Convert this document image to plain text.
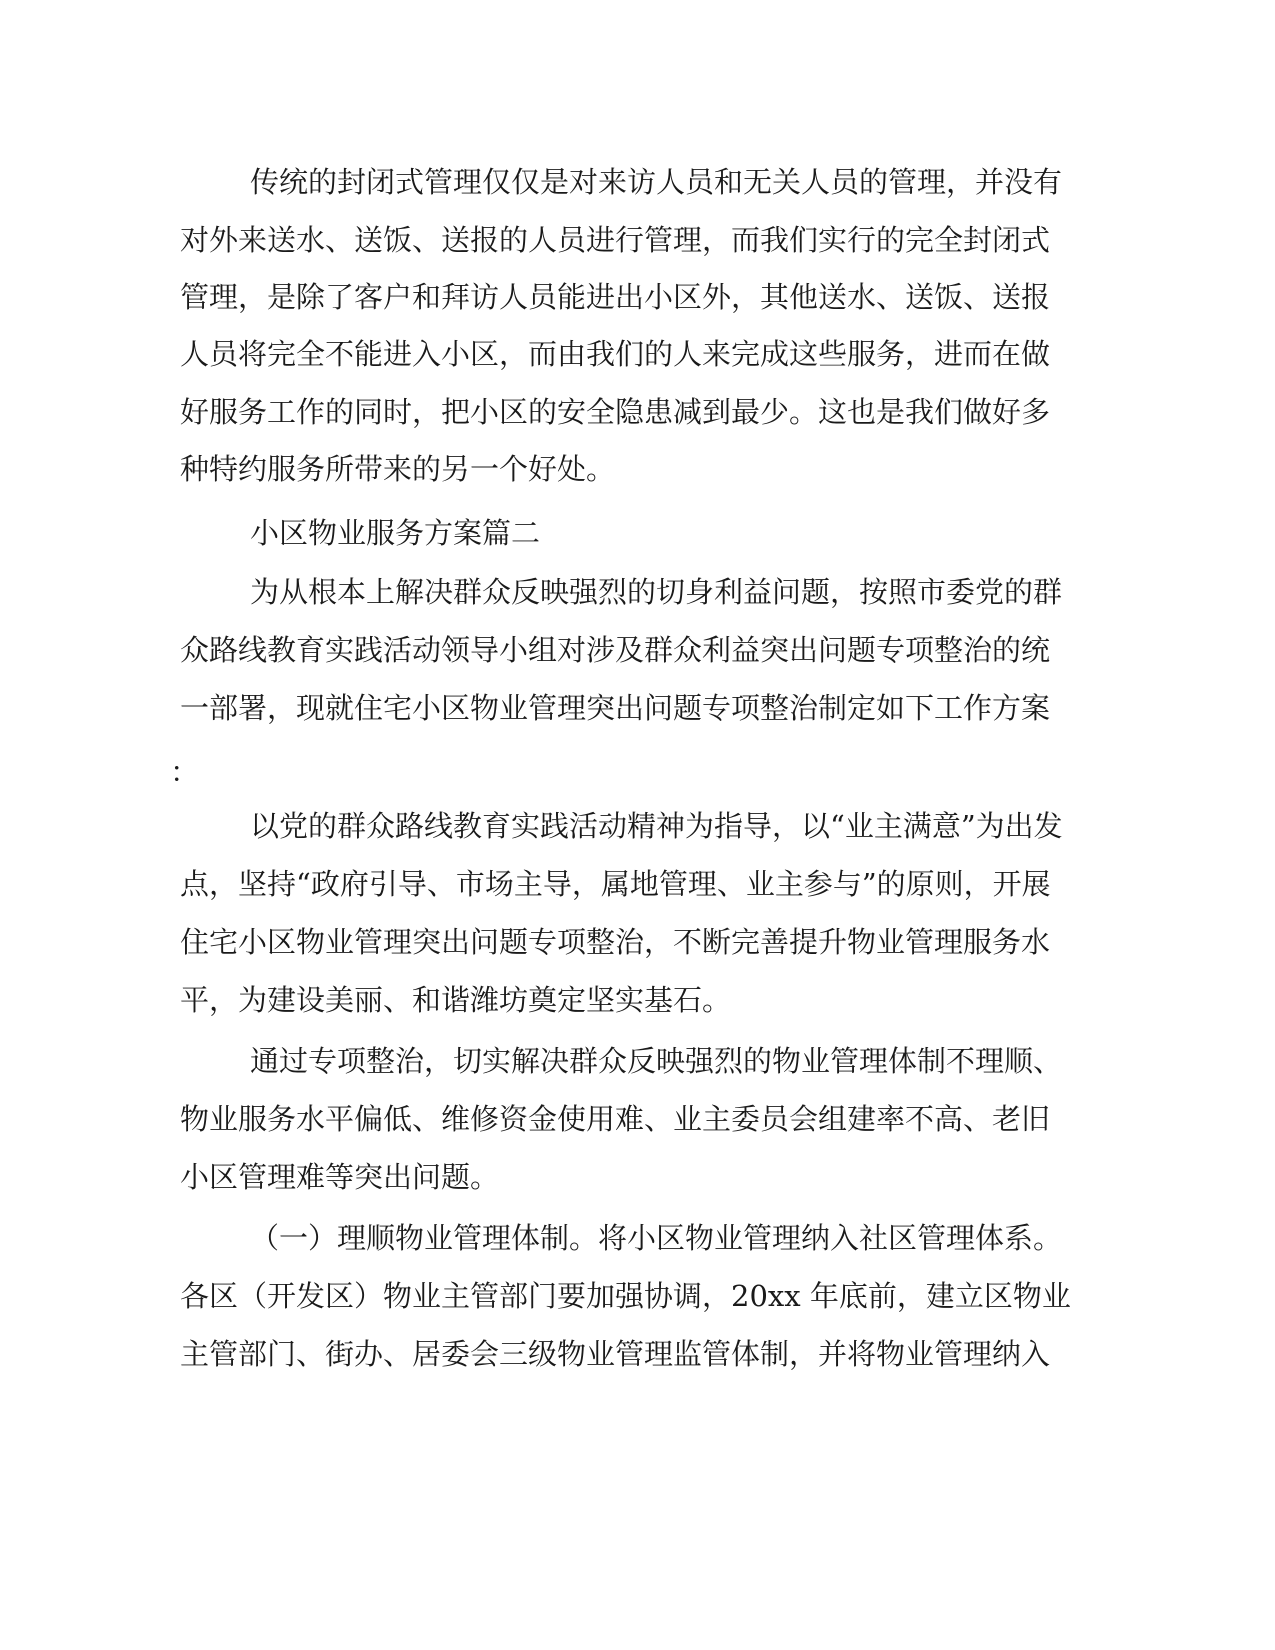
传统的封闭式管理仅仅是对来访人员和无关人员的管理，并没有
对外来送水、送饭、送报的人员进行管理，而我们实行的完全封闭式
管理，是除了客户和拜访人员能进出小区外，其他送水、送饭、送报
人员将完全不能进入小区，而由我们的人来完成这些服务，进而在做
好服务工作的同时，把小区的安全隐患减到最少。这也是我们做好多
种特约服务所带来的另一个好处。
小区物业服务方案篇二
为从根本上解决群众反映强烈的切身利益问题，按照市委党的群
众路线教育实践活动领导小组对涉及群众利益突出问题专项整治的统
一部署，现就住宅小区物业管理突出问题专项整治制定如下工作方案
：
以党的群众路线教育实践活动精神为指导，以“业主满意”为出发
点，坚持“政府引导、市场主导，属地管理、业主参与”的原则，开展
住宅小区物业管理突出问题专项整治，不断完善提升物业管理服务水
平，为建设美丽、和谐潍坊奠定坚实基石。
通过专项整治，切实解决群众反映强烈的物业管理体制不理顺、
物业服务水平偏低、维修资金使用难、业主委员会组建率不高、老旧
小区管理难等突出问题。
（一）理顺物业管理体制。将小区物业管理纳入社区管理体系。
各区（开发区）物业主管部门要加强协调，20xx 年底前，建立区物业
主管部门、街办、居委会三级物业管理监管体制，并将物业管理纳入
